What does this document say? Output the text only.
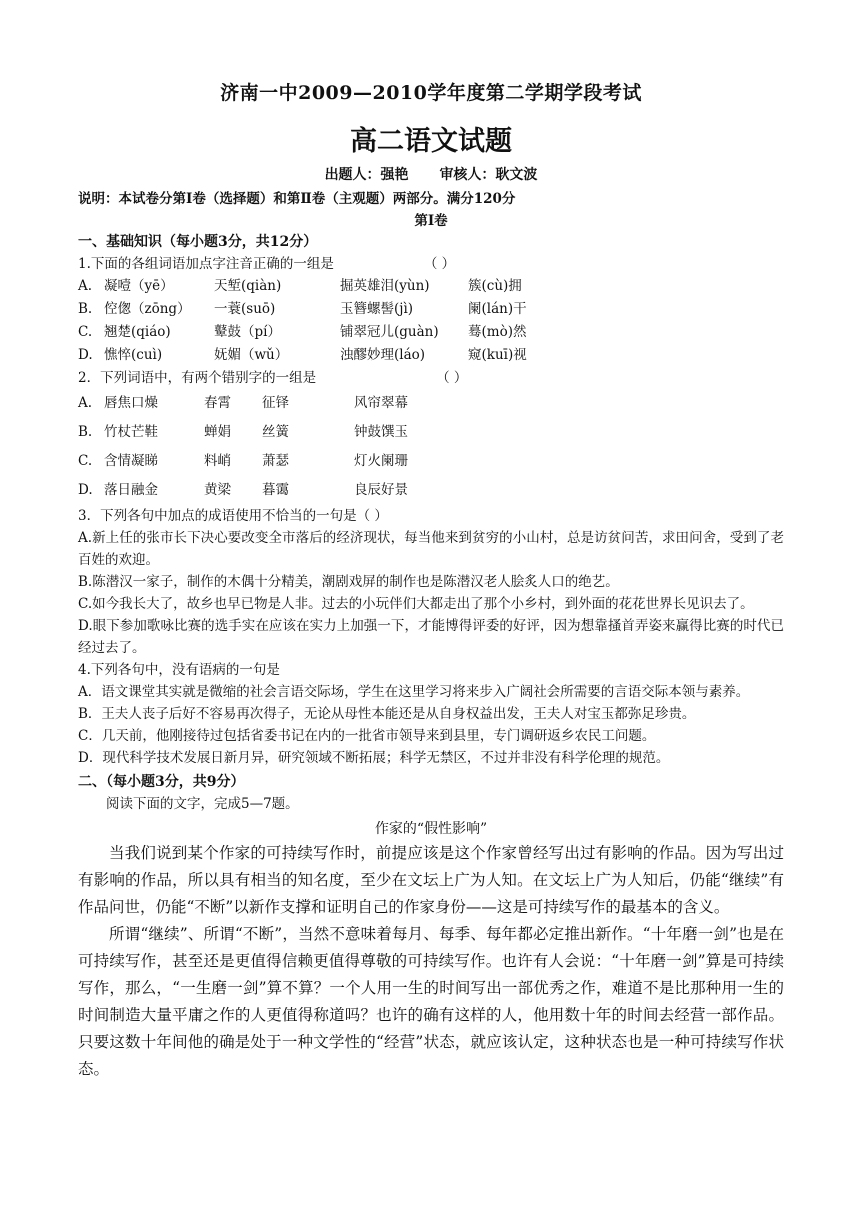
济南一中2009—2010学年度第二学期学段考试
高二语文试题
出题人：强艳 审核人：耿文波
说明：本试卷分第Ⅰ卷（选择题）和第Ⅱ卷（主观题）两部分。满分120分
第Ⅰ卷
一、基础知识（每小题3分，共12分）
1.下面的各组词语加点字注音正确的一组是	（ ）
A. 凝噎（yē）	天堑(qiàn)	掘英雄泪(yùn)	簇(cù)拥
B. 倥偬（zōng）	一蓑(suō)	玉簪螺髻(jì)	阑(lán)干
C. 翘楚(qiáo)	鼙鼓（pí）	铺翠冠儿(guàn)	蓦(mò)然
D. 憔悴(cuì)	妩媚（wǔ）	浊醪妙理(láo)	窥(kuī)视
2．下列词语中，有两个错别字的一组是	（ ）
A. 唇焦口燥	春霄	征铎	风帘翠幕
B. 竹杖芒鞋	蝉娟	丝簧	钟鼓馔玉
C. 含情凝睇	料峭	萧瑟	灯火阑珊
D. 落日融金	黄梁	暮霭	良辰好景
3．下列各句中加点的成语使用不恰当的一句是（ ）
A.新上任的张市长下决心要改变全市落后的经济现状，每当他来到贫穷的小山村，总是访贫问苦，求田问舍，受到了老百姓的欢迎。
B.陈潜汉一家子，制作的木偶十分精美，潮剧戏屏的制作也是陈潜汉老人脍炙人口的绝艺。
C.如今我长大了，故乡也早已物是人非。过去的小玩伴们大都走出了那个小乡村，到外面的花花世界长见识去了。
D.眼下参加歌咏比赛的选手实在应该在实力上加强一下，才能博得评委的好评，因为想靠搔首弄姿来赢得比赛的时代已经过去了。
4.下列各句中，没有语病的一句是
A．语文课堂其实就是微缩的社会言语交际场，学生在这里学习将来步入广阔社会所需要的言语交际本领与素养。
B．王夫人丧子后好不容易再次得子，无论从母性本能还是从自身权益出发，王夫人对宝玉都弥足珍贵。
C．几天前，他刚接待过包括省委书记在内的一批省市领导来到县里，专门调研返乡农民工问题。
D．现代科学技术发展日新月异，研究领域不断拓展；科学无禁区，不过并非没有科学伦理的规范。
二、（每小题3分，共9分）
阅读下面的文字，完成5—7题。
作家的“假性影响”
当我们说到某个作家的可持续写作时，前提应该是这个作家曾经写出过有影响的作品。因为写出过有影响的作品，所以具有相当的知名度，至少在文坛上广为人知。在文坛上广为人知后，仍能“继续”有作品问世，仍能“不断”以新作支撑和证明自己的作家身份——这是可持续写作的最基本的含义。
所谓“继续”、所谓“不断”，当然不意味着每月、每季、每年都必定推出新作。“十年磨一剑”也是在可持续写作，甚至还是更值得信赖更值得尊敬的可持续写作。也许有人会说：“十年磨一剑”算是可持续写作，那么，“一生磨一剑”算不算？一个人用一生的时间写出一部优秀之作，难道不是比那种用一生的时间制造大量平庸之作的人更值得称道吗？也许的确有这样的人，他用数十年的时间去经营一部作品。只要这数十年间他的确是处于一种文学性的“经营”状态，就应该认定，这种状态也是一种可持续写作状态。
